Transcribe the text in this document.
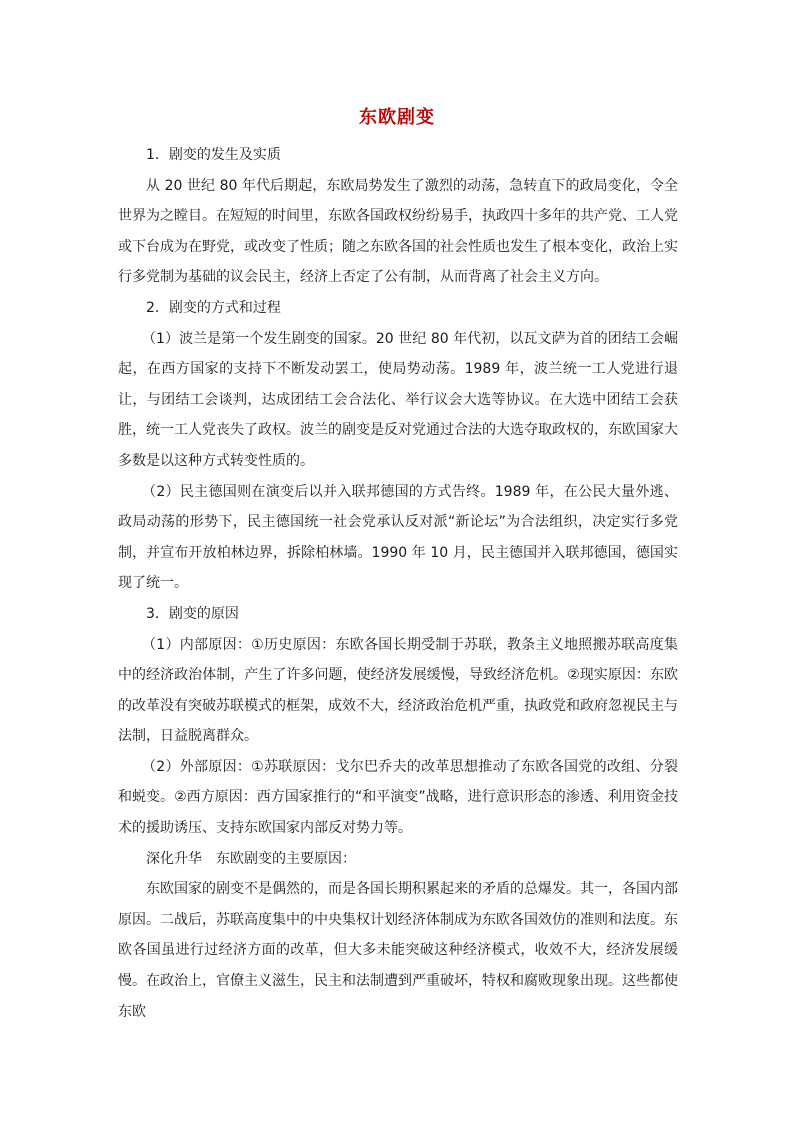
东欧剧变

1．剧变的发生及实质

从 20 世纪 80 年代后期起，东欧局势发生了激烈的动荡，急转直下的政局变化，令全世界为之瞠目。在短短的时间里，东欧各国政权纷纷易手，执政四十多年的共产党、工人党或下台成为在野党，或改变了性质；随之东欧各国的社会性质也发生了根本变化，政治上实行多党制为基础的议会民主，经济上否定了公有制，从而背离了社会主义方向。

2．剧变的方式和过程

（1）波兰是第一个发生剧变的国家。20 世纪 80 年代初，以瓦文萨为首的团结工会崛起，在西方国家的支持下不断发动罢工，使局势动荡。1989 年，波兰统一工人党进行退让，与团结工会谈判，达成团结工会合法化、举行议会大选等协议。在大选中团结工会获胜，统一工人党丧失了政权。波兰的剧变是反对党通过合法的大选夺取政权的，东欧国家大多数是以这种方式转变性质的。

（2）民主德国则在演变后以并入联邦德国的方式告终。1989 年，在公民大量外逃、政局动荡的形势下，民主德国统一社会党承认反对派“新论坛”为合法组织，决定实行多党制，并宣布开放柏林边界，拆除柏林墙。1990 年 10 月，民主德国并入联邦德国，德国实现了统一。

3．剧变的原因

（1）内部原因：①历史原因：东欧各国长期受制于苏联，教条主义地照搬苏联高度集中的经济政治体制，产生了许多问题，使经济发展缓慢，导致经济危机。②现实原因：东欧的改革没有突破苏联模式的框架，成效不大，经济政治危机严重，执政党和政府忽视民主与法制，日益脱离群众。

（2）外部原因：①苏联原因：戈尔巴乔夫的改革思想推动了东欧各国党的改组、分裂和蜕变。②西方原因：西方国家推行的“和平演变”战略，进行意识形态的渗透、利用资金技术的援助诱压、支持东欧国家内部反对势力等。

深化升华　东欧剧变的主要原因：

东欧国家的剧变不是偶然的，而是各国长期积累起来的矛盾的总爆发。其一，各国内部原因。二战后，苏联高度集中的中央集权计划经济体制成为东欧各国效仿的准则和法度。东欧各国虽进行过经济方面的改革，但大多未能突破这种经济模式，收效不大，经济发展缓慢。在政治上，官僚主义滋生，民主和法制遭到严重破坏，特权和腐败现象出现。这些都使东欧
